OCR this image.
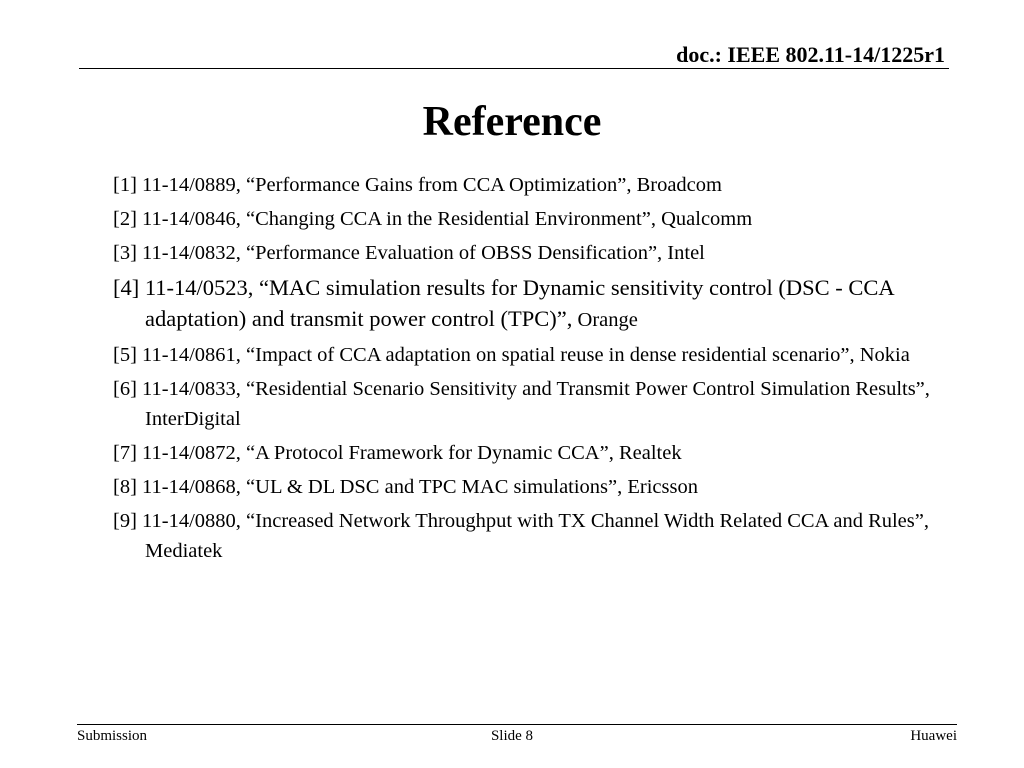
doc.: IEEE 802.11-14/1225r1
Reference
[1] 11-14/0889, “Performance Gains from CCA Optimization”, Broadcom
[2] 11-14/0846, “Changing CCA in the Residential Environment”, Qualcomm
[3] 11-14/0832, “Performance Evaluation of OBSS Densification”, Intel
[4] 11-14/0523, “MAC simulation results for Dynamic sensitivity control (DSC - CCA adaptation) and transmit power control (TPC)”, Orange
[5] 11-14/0861, “Impact of CCA adaptation on spatial reuse in dense residential scenario”, Nokia
[6] 11-14/0833, “Residential Scenario Sensitivity and Transmit Power Control Simulation Results”, InterDigital
[7] 11-14/0872, “A Protocol Framework for Dynamic CCA”, Realtek
[8] 11-14/0868, “UL & DL DSC and TPC MAC simulations”, Ericsson
[9] 11-14/0880, “Increased Network Throughput with TX Channel Width Related CCA and Rules”, Mediatek
Submission	Slide 8	Huawei
